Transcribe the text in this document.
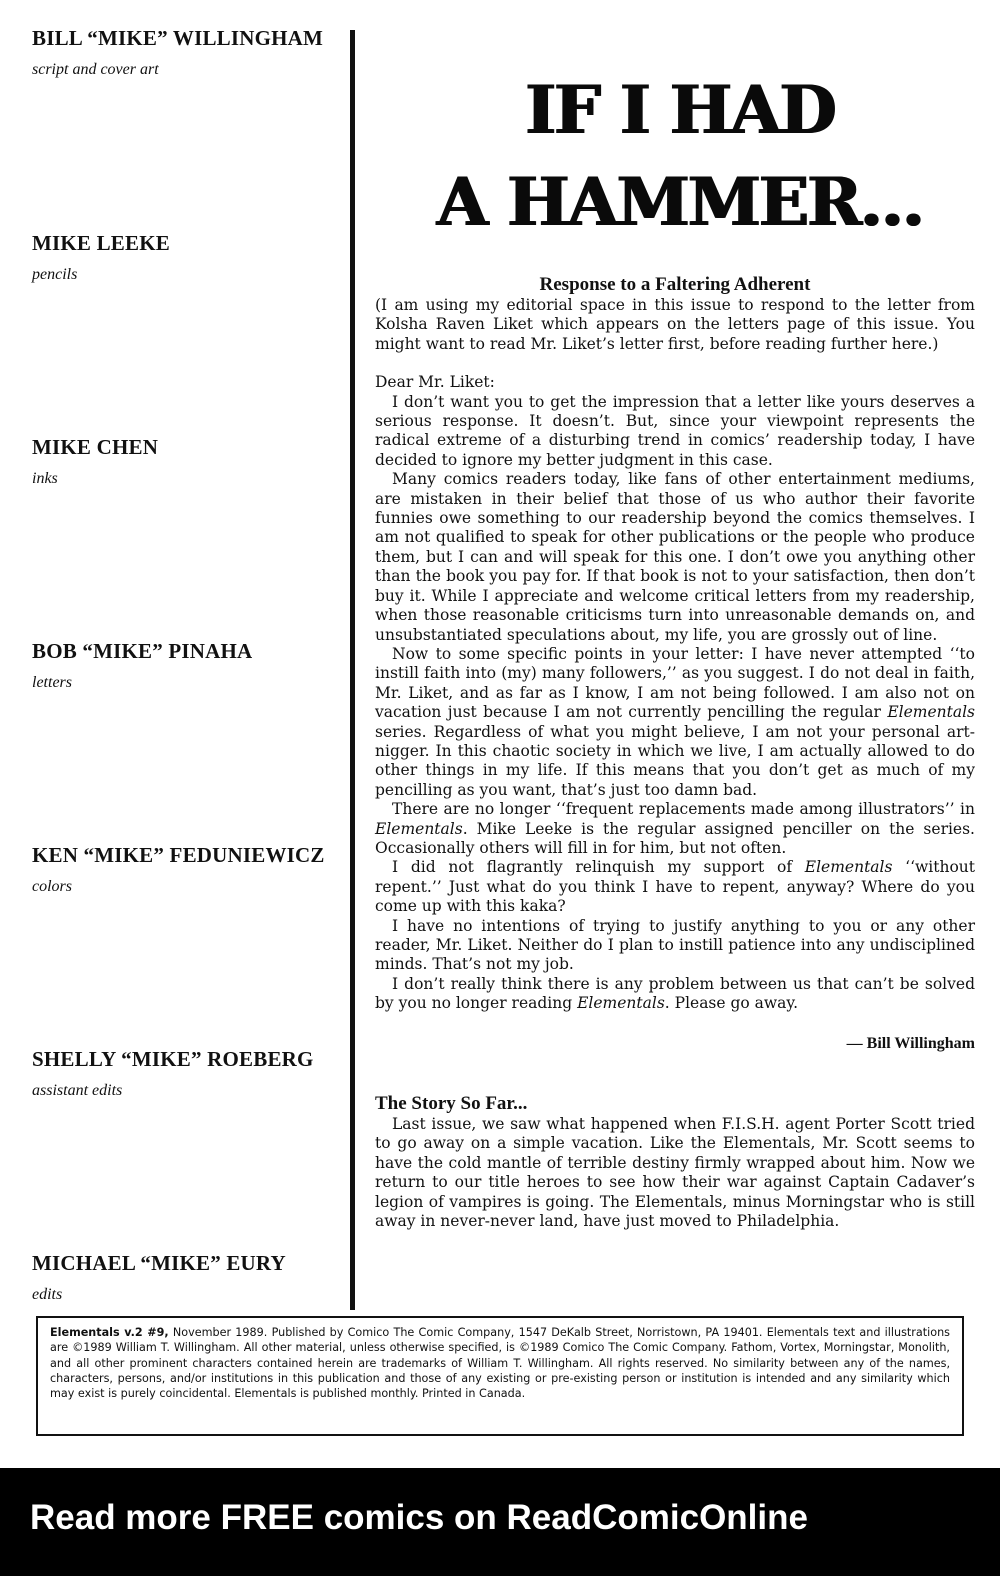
BILL “MIKE” WILLINGHAM
script and cover art
MIKE LEEKE
pencils
MIKE CHEN
inks
BOB “MIKE” PINAHA
letters
KEN “MIKE” FEDUNIEWICZ
colors
SHELLY “MIKE” ROEBERG
assistant edits
MICHAEL “MIKE” EURY
edits
IF I HAD
A HAMMER...
Response to a Faltering Adherent

(I am using my editorial space in this issue to respond to the letter from Kolsha Raven Liket which appears on the letters page of this issue. You might want to read Mr. Liket’s letter first, before reading further here.)

Dear Mr. Liket:

I don’t want you to get the impression that a letter like yours deserves a serious response. It doesn’t. But, since your viewpoint represents the radical extreme of a disturbing trend in comics’ readership today, I have decided to ignore my better judgment in this case.

Many comics readers today, like fans of other entertainment mediums, are mistaken in their belief that those of us who author their favorite funnies owe something to our readership beyond the comics themselves. I am not qualified to speak for other publications or the people who produce them, but I can and will speak for this one. I don’t owe you anything other than the book you pay for. If that book is not to your satisfaction, then don’t buy it. While I appreciate and welcome critical letters from my readership, when those reasonable criticisms turn into unreasonable demands on, and unsubstantiated speculations about, my life, you are grossly out of line.

Now to some specific points in your letter: I have never attempted ‘‘to instill faith into (my) many followers,’’ as you suggest. I do not deal in faith, Mr. Liket, and as far as I know, I am not being followed. I am also not on vacation just because I am not currently pencilling the regular Elementals series. Regardless of what you might believe, I am not your personal art-nigger. In this chaotic society in which we live, I am actually allowed to do other things in my life. If this means that you don’t get as much of my pencilling as you want, that’s just too damn bad.

There are no longer ‘‘frequent replacements made among illustrators’’ in Elementals. Mike Leeke is the regular assigned penciller on the series. Occasionally others will fill in for him, but not often.

I did not flagrantly relinquish my support of Elementals ‘‘without repent.’’ Just what do you think I have to repent, anyway? Where do you come up with this kaka?

I have no intentions of trying to justify anything to you or any other reader, Mr. Liket. Neither do I plan to instill patience into any undisciplined minds. That’s not my job.

I don’t really think there is any problem between us that can’t be solved by you no longer reading Elementals. Please go away.

— Bill Willingham

The Story So Far...

Last issue, we saw what happened when F.I.S.H. agent Porter Scott tried to go away on a simple vacation. Like the Elementals, Mr. Scott seems to have the cold mantle of terrible destiny firmly wrapped about him. Now we return to our title heroes to see how their war against Captain Cadaver’s legion of vampires is going. The Elementals, minus Morningstar who is still away in never-never land, have just moved to Philadelphia.

Elementals v.2 #9, November 1989. Published by Comico The Comic Company, 1547 DeKalb Street, Norristown, PA 19401. Elementals text and illustrations are ©1989 William T. Willingham. All other material, unless otherwise specified, is ©1989 Comico The Comic Company. Fathom, Vortex, Morningstar, Monolith, and all other prominent characters contained herein are trademarks of William T. Willingham. All rights reserved. No similarity between any of the names, characters, persons, and/or institutions in this publication and those of any existing or pre-existing person or institution is intended and any similarity which may exist is purely coincidental. Elementals is published monthly. Printed in Canada.
Read more FREE comics on ReadComicOnline
